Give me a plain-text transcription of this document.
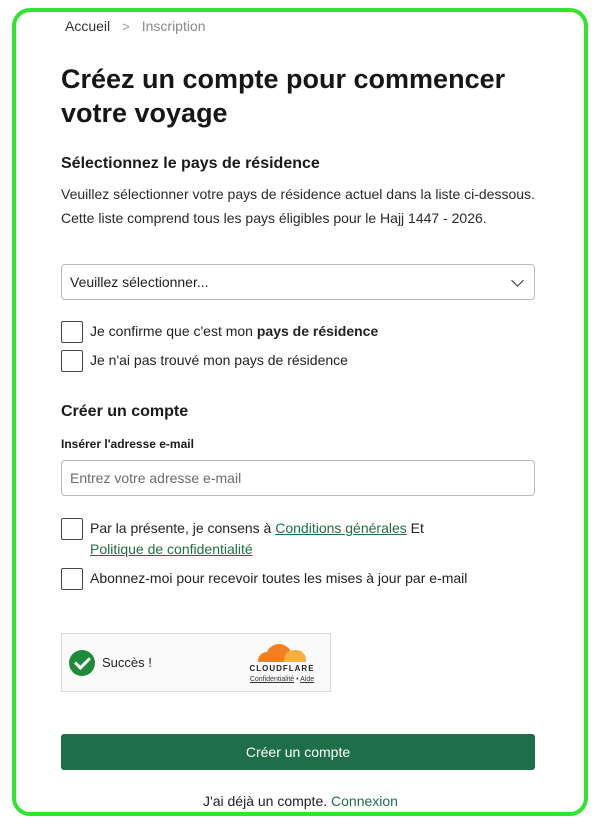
Accueil > Inscription
Créez un compte pour commencer votre voyage
Sélectionnez le pays de résidence

Veuillez sélectionner votre pays de résidence actuel dans la liste ci-dessous. Cette liste comprend tous les pays éligibles pour le Hajj 1447 - 2026.

Veuillez sélectionner...
Je confirme que c'est mon pays de résidence
Je n'ai pas trouvé mon pays de résidence
Créer un compte
Insérer l'adresse e-mail
Entrez votre adresse e-mail
Par la présente, je consens à Conditions générales Et
Politique de confidentialité
Abonnez-moi pour recevoir toutes les mises à jour par e-mail
Succès !	CLOUDFLARE
Confidentialité • Aide
Créer un compte
J'ai déjà un compte. Connexion
